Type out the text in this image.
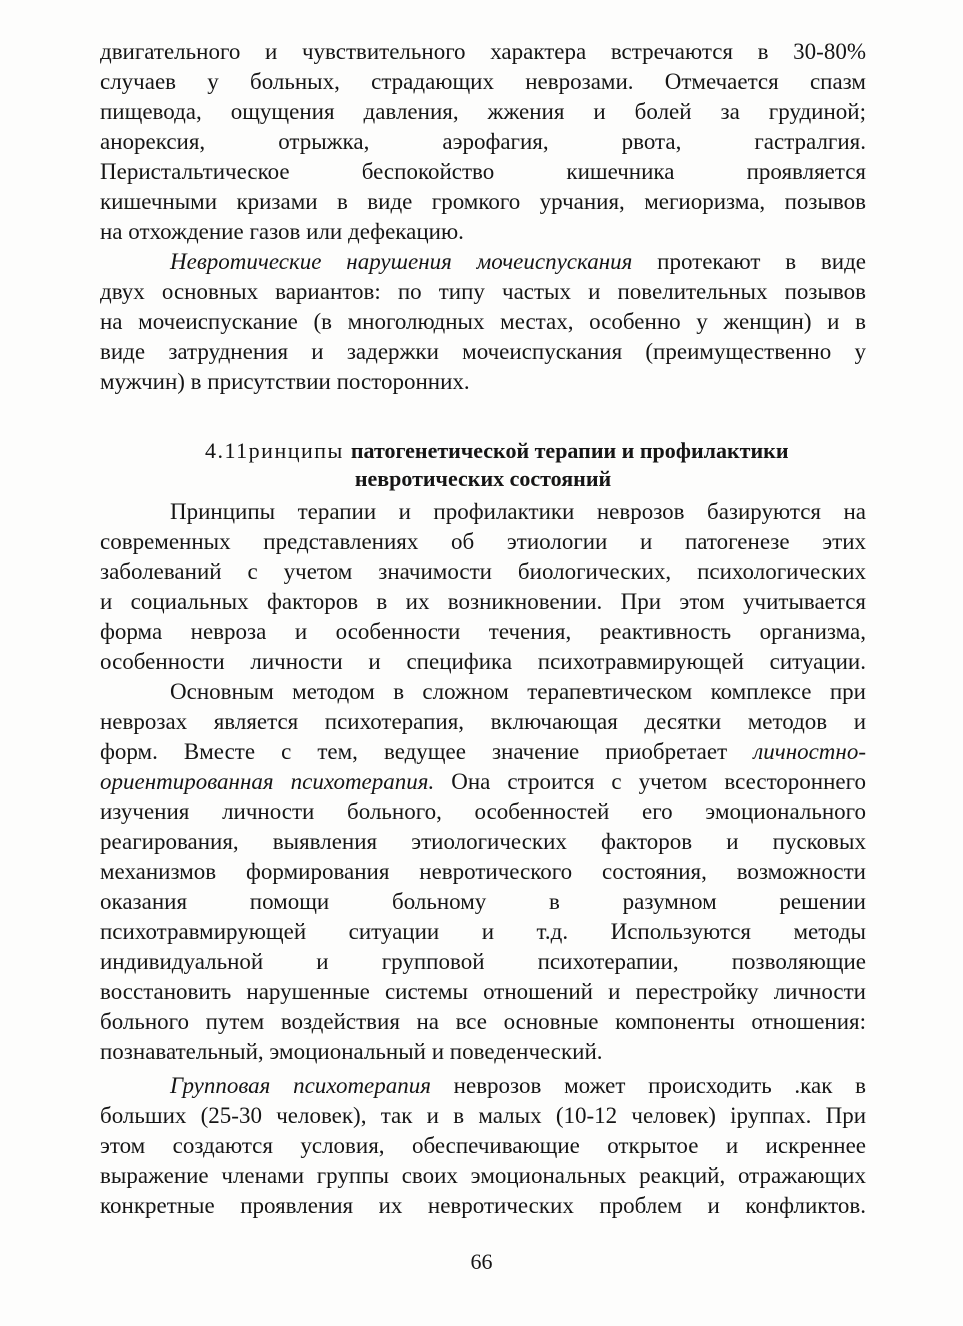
двигательного и чувствительного характера встречаются в 30-80%
случаев у больных, страдающих неврозами. Отмечается спазм
пищевода, ощущения давления, жжения и болей за грудиной;
анорексия, отрыжка, аэрофагия, рвота, гастралгия.
Перистальтическое беспокойство кишечника проявляется
кишечными кризами в виде громкого урчания, мегиоризма, позывов
на отхождение газов или дефекацию.
Невротические нарушения мочеиспускания протекают в виде
двух основных вариантов: по типу частых и повелительных позывов
на мочеиспускание (в многолюдных местах, особенно у женщин) и в
виде затруднения и задержки мочеиспускания (преимущественно у
мужчин) в присутствии посторонних.
4.11ринципы патогенетической терапии и профилактики
невротических состояний
Принципы терапии и профилактики неврозов базируются на
современных представлениях об этиологии и патогенезе этих
заболеваний с учетом значимости биологических, психологических
и социальных факторов в их возникновении. При этом учитывается
форма невроза и особенности течения, реактивность организма,
особенности личности и специфика психотравмирующей ситуации.
Основным методом в сложном терапевтическом комплексе при
неврозах является психотерапия, включающая десятки методов и
форм. Вместе с тем, ведущее значение приобретает личностно-
ориентированная психотерапия. Она строится с учетом всестороннего
изучения личности больного, особенностей его эмоционального
реагирования, выявления этиологических факторов и пусковых
механизмов формирования невротического состояния, возможности
оказания помощи больному в разумном решении
психотравмирующей ситуации и т.д. Используются методы
индивидуальной и групповой психотерапии, позволяющие
восстановить нарушенные системы отношений и перестройку личности
больного путем воздействия на все основные компоненты отношения:
познавательный, эмоциональный и поведенческий.
Групповая психотерапия неврозов может происходить .как в
больших (25-30 человек), так и в малых (10-12 человек) іруппах. При
этом создаются условия, обеспечивающие открытое и искреннее
выражение членами группы своих эмоциональных реакций, отражающих
конкретные проявления их невротических проблем и конфликтов.
66
